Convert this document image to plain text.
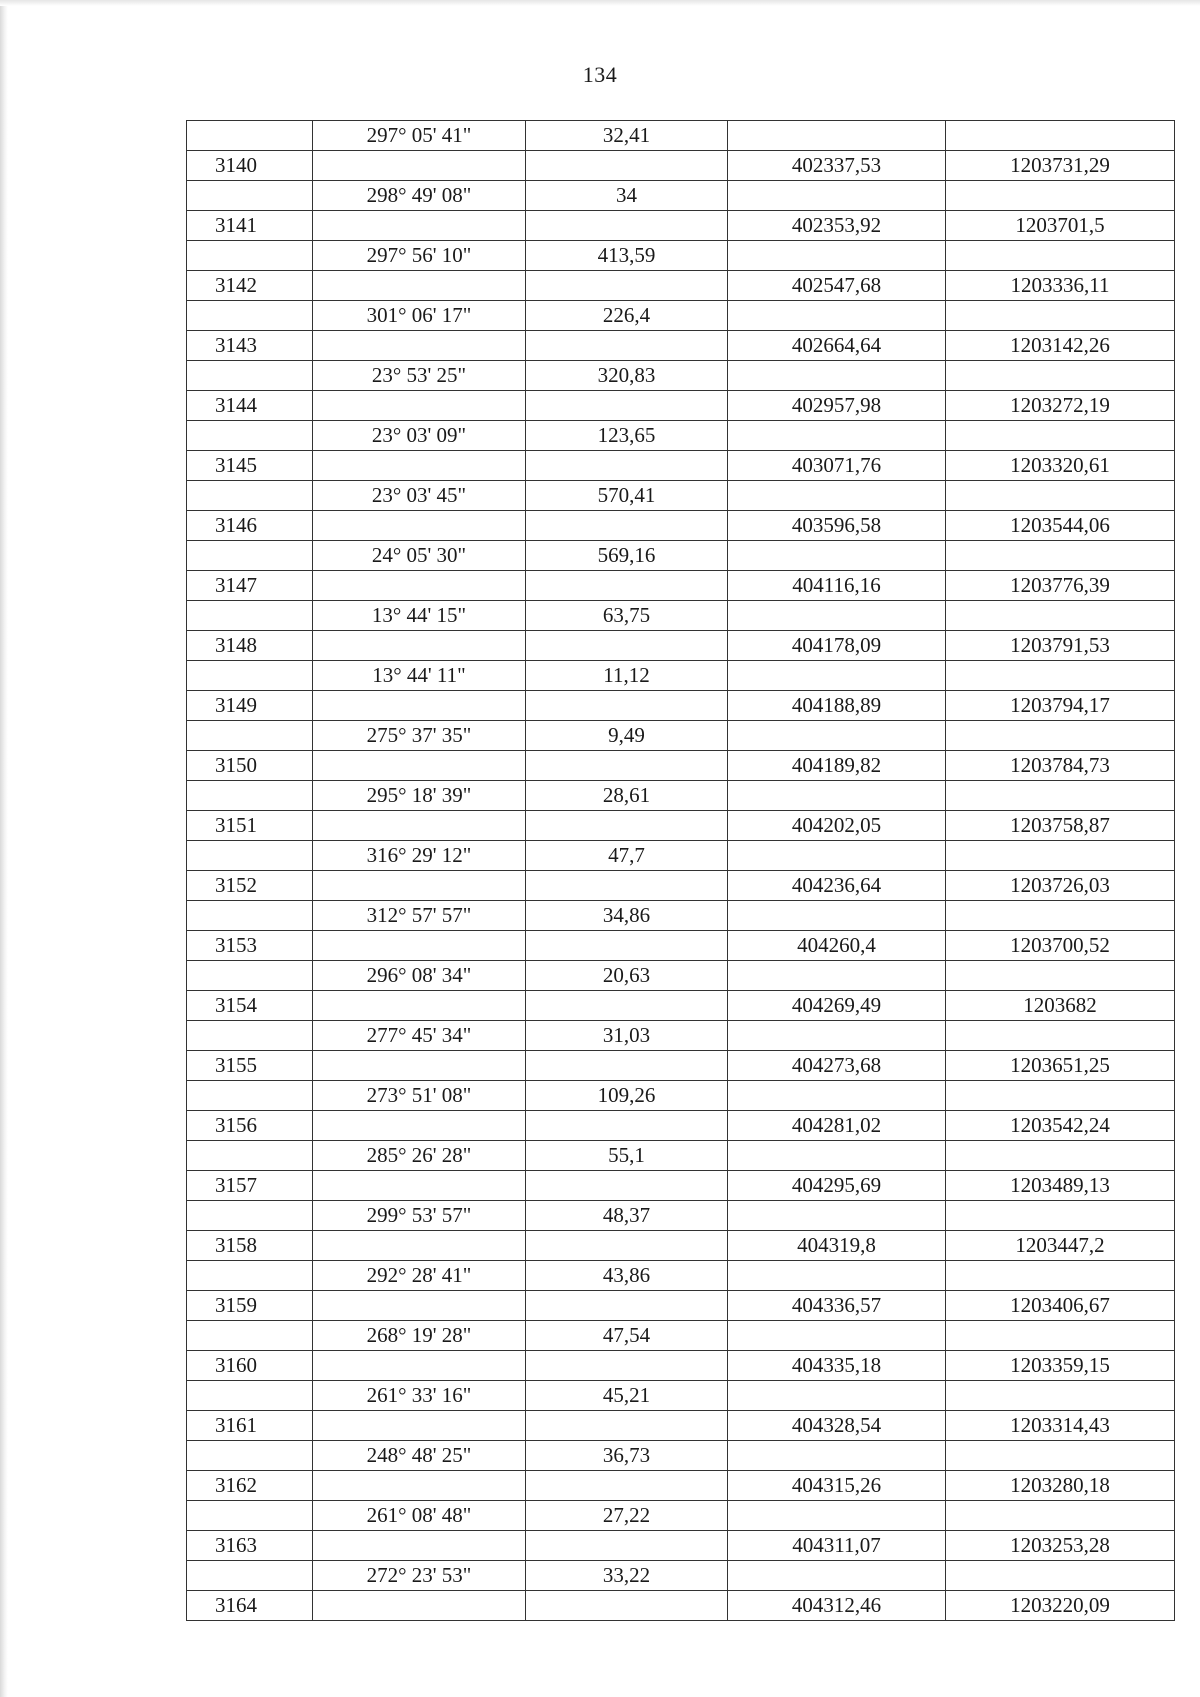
134
	297° 05' 41"	32,41		
3140			402337,53	1203731,29
	298° 49' 08"	34		
3141			402353,92	1203701,5
	297° 56' 10"	413,59		
3142			402547,68	1203336,11
	301° 06' 17"	226,4		
3143			402664,64	1203142,26
	23° 53' 25"	320,83		
3144			402957,98	1203272,19
	23° 03' 09"	123,65		
3145			403071,76	1203320,61
	23° 03' 45"	570,41		
3146			403596,58	1203544,06
	24° 05' 30"	569,16		
3147			404116,16	1203776,39
	13° 44' 15"	63,75		
3148			404178,09	1203791,53
	13° 44' 11"	11,12		
3149			404188,89	1203794,17
	275° 37' 35"	9,49		
3150			404189,82	1203784,73
	295° 18' 39"	28,61		
3151			404202,05	1203758,87
	316° 29' 12"	47,7		
3152			404236,64	1203726,03
	312° 57' 57"	34,86		
3153			404260,4	1203700,52
	296° 08' 34"	20,63		
3154			404269,49	1203682
	277° 45' 34"	31,03		
3155			404273,68	1203651,25
	273° 51' 08"	109,26		
3156			404281,02	1203542,24
	285° 26' 28"	55,1		
3157			404295,69	1203489,13
	299° 53' 57"	48,37		
3158			404319,8	1203447,2
	292° 28' 41"	43,86		
3159			404336,57	1203406,67
	268° 19' 28"	47,54		
3160			404335,18	1203359,15
	261° 33' 16"	45,21		
3161			404328,54	1203314,43
	248° 48' 25"	36,73		
3162			404315,26	1203280,18
	261° 08' 48"	27,22		
3163			404311,07	1203253,28
	272° 23' 53"	33,22		
3164			404312,46	1203220,09
